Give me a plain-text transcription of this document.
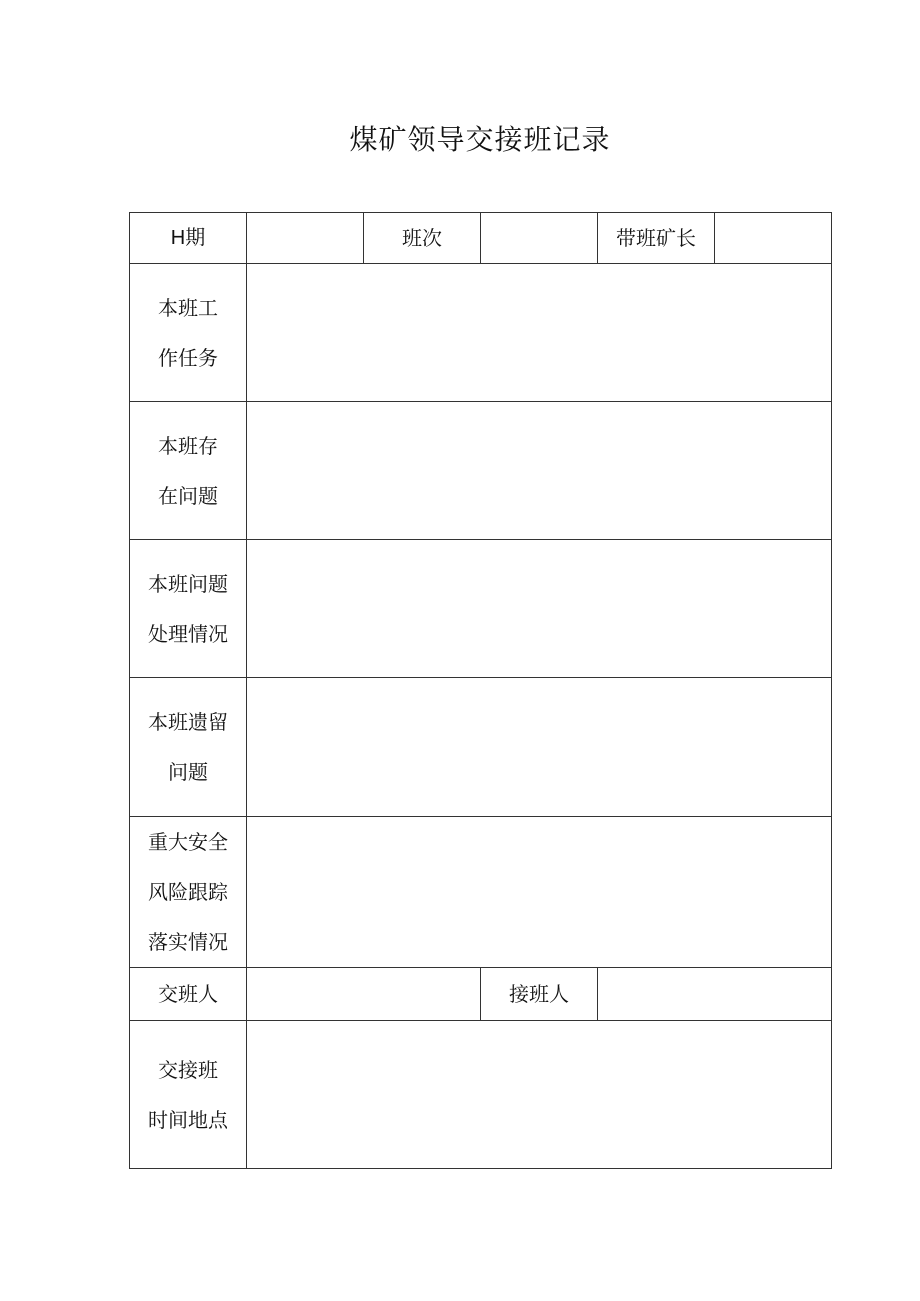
煤矿领导交接班记录
H期		班次		带班矿长	
本班工
作任务					
本班存
在问题					
本班问题
处理情况					
本班遗留
问题					
重大安全
风险跟踪
落实情况					
交班人			接班人		
交接班
时间地点					
